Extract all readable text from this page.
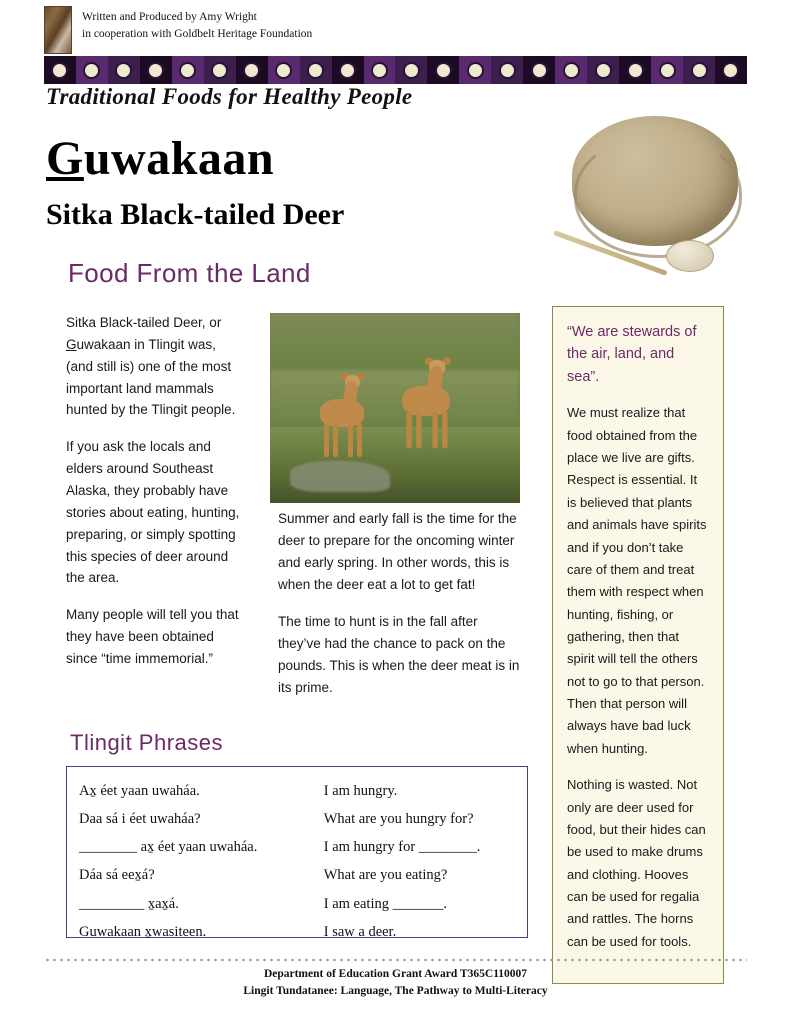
Written and Produced by Amy Wright
in cooperation with Goldbelt Heritage Foundation
Traditional Foods for Healthy People
Guwakaan
Sitka Black-tailed Deer
Food From the Land

Sitka Black-tailed Deer, or Guwakaan in Tlingit was, (and still is) one of the most important land mammals hunted by the Tlingit people.

If you ask the locals and elders around Southeast Alaska, they probably have stories about eating, hunting, preparing, or simply spotting this species of deer around the area.

Many people will tell you that they have been obtained since “time immemorial.”

Summer and early fall is the time for the deer to prepare for the oncoming winter and early spring. In other words, this is when the deer eat a lot to get fat!

The time to hunt is in the fall after they’ve had the chance to pack on the pounds. This is when the deer meat is in its prime.

“We are stewards of the air, land, and sea”.

We must realize that food obtained from the place we live are gifts. Respect is essential. It is believed that plants and animals have spirits and if you don’t take care of them and treat them with respect when hunting, fishing, or gathering, then that spirit will tell the others not to go to that person. Then that person will always have bad luck when hunting.

Nothing is wasted. Not only are deer used for food, but their hides can be used to make drums and clothing. Hooves can be used for regalia and rattles. The horns can be used for tools.

Tlingit Phrases
Ax̱ éet yaan uwaháa.
Daa sá i éet uwaháa?
________ ax̱ éet yaan uwaháa.
Dáa sá eex̱á?
_________ x̱ax̱á.
Guwakaan x̱wasiteen.
I am hungry.
What are you hungry for?
I am hungry for ________.
What are you eating?
I am eating _______.
I saw a deer.
Department of Education Grant Award T365C110007
Lingit Tundatanee: Language, The Pathway to Multi-Literacy
